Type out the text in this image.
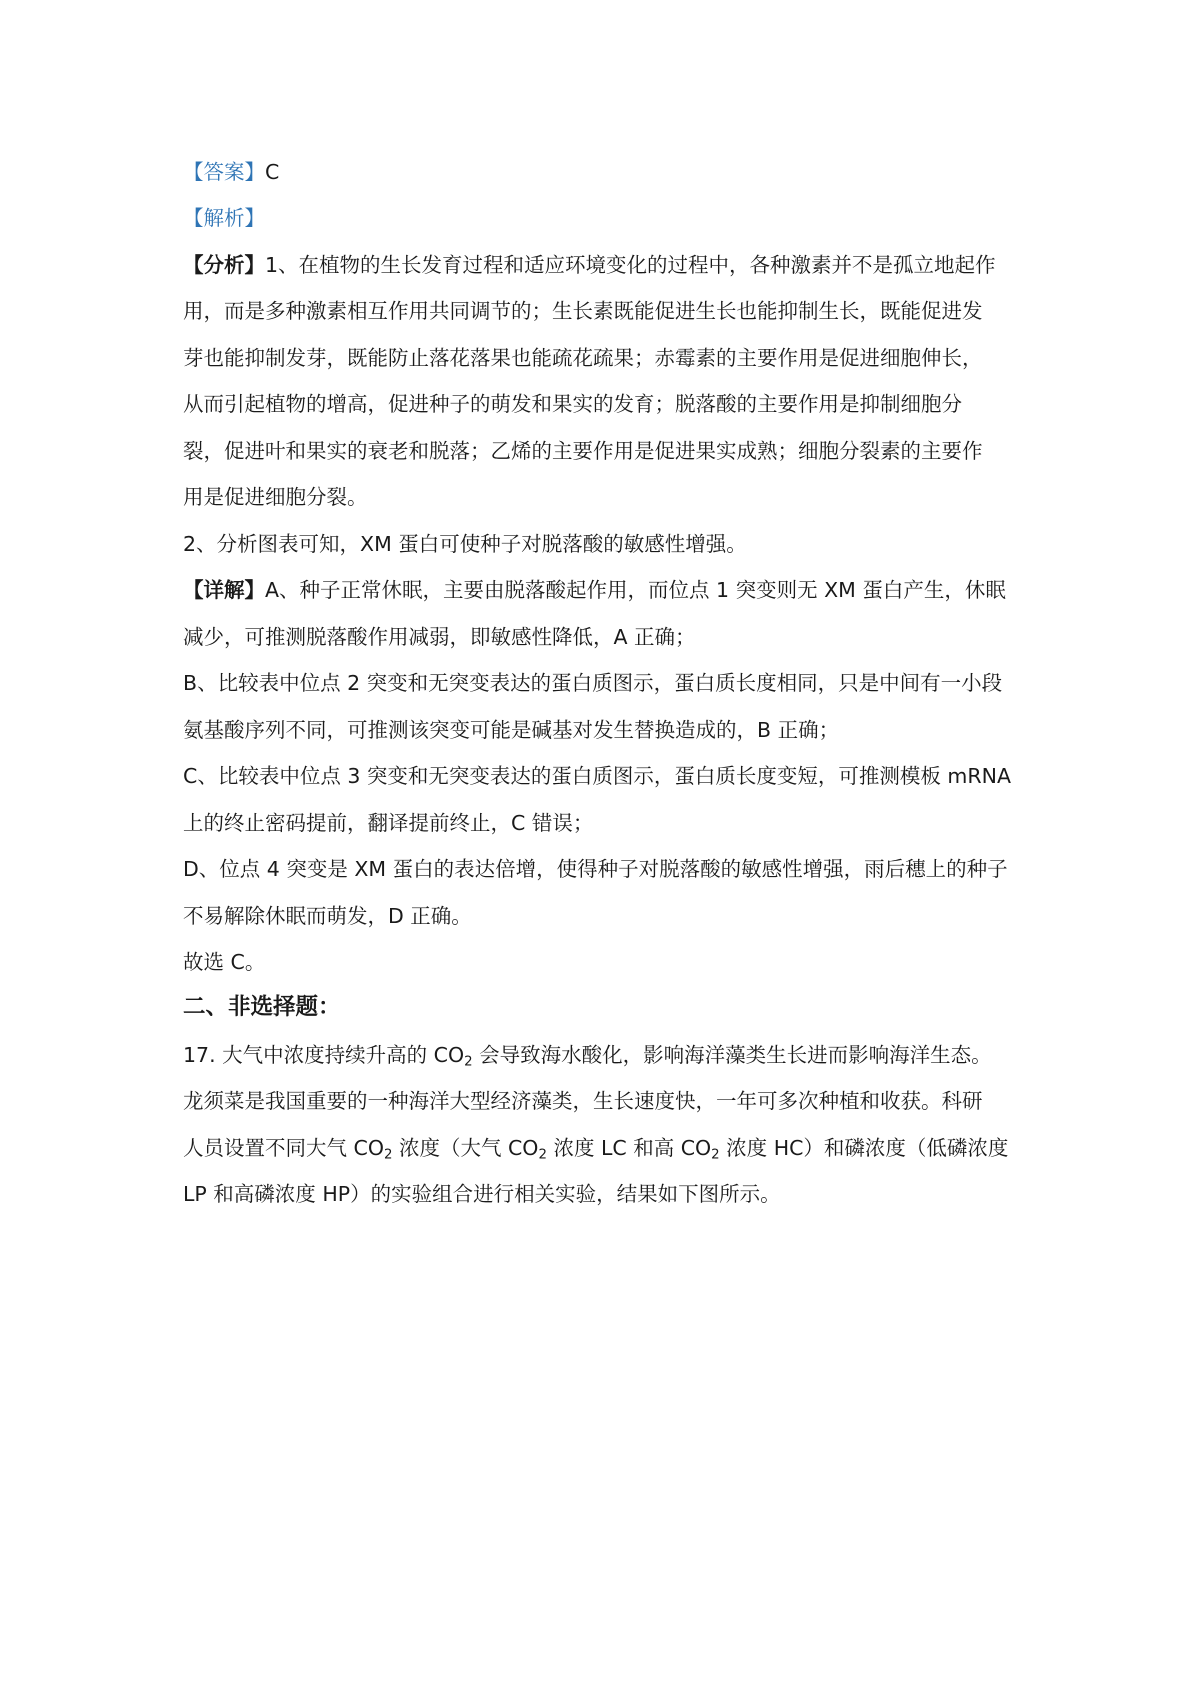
【答案】C
【解析】
【分析】1、在植物的生长发育过程和适应环境变化的过程中，各种激素并不是孤立地起作
用，而是多种激素相互作用共同调节的；生长素既能促进生长也能抑制生长，既能促进发
芽也能抑制发芽，既能防止落花落果也能疏花疏果；赤霉素的主要作用是促进细胞伸长，
从而引起植物的增高，促进种子的萌发和果实的发育；脱落酸的主要作用是抑制细胞分
裂，促进叶和果实的衰老和脱落；乙烯的主要作用是促进果实成熟；细胞分裂素的主要作
用是促进细胞分裂。
2、分析图表可知，XM 蛋白可使种子对脱落酸的敏感性增强。
【详解】A、种子正常休眠，主要由脱落酸起作用，而位点 1 突变则无 XM 蛋白产生，休眠
减少，可推测脱落酸作用减弱，即敏感性降低，A 正确；
B、比较表中位点 2 突变和无突变表达的蛋白质图示，蛋白质长度相同，只是中间有一小段
氨基酸序列不同，可推测该突变可能是碱基对发生替换造成的，B 正确；
C、比较表中位点 3 突变和无突变表达的蛋白质图示，蛋白质长度变短，可推测模板 mRNA
上的终止密码提前，翻译提前终止，C 错误；
D、位点 4 突变是 XM 蛋白的表达倍增，使得种子对脱落酸的敏感性增强，雨后穗上的种子
不易解除休眠而萌发，D 正确。
故选 C。
二、非选择题：
17. 大气中浓度持续升高的 $CO_2$ 会导致海水酸化，影响海洋藻类生长进而影响海洋生态。
龙须菜是我国重要的一种海洋大型经济藻类，生长速度快，一年可多次种植和收获。科研
人员设置不同大气 $CO_2$ 浓度（大气 $CO_2$ 浓度 LC 和高 $CO_2$ 浓度 HC）和磷浓度（低磷浓度
LP 和高磷浓度 HP）的实验组合进行相关实验，结果如下图所示。
